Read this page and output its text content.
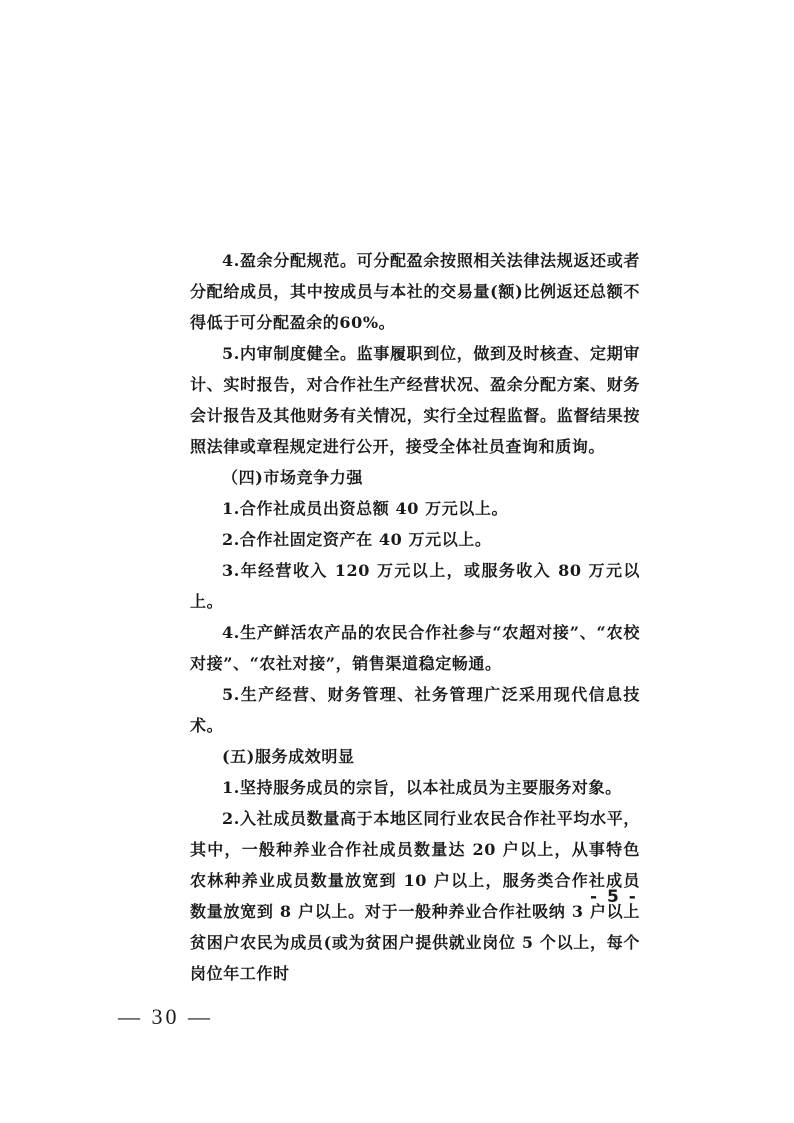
4.盈余分配规范。可分配盈余按照相关法律法规返还或者分配给成员，其中按成员与本社的交易量(额)比例返还总额不得低于可分配盈余的60%。

5.内审制度健全。监事履职到位，做到及时核查、定期审计、实时报告，对合作社生产经营状况、盈余分配方案、财务会计报告及其他财务有关情况，实行全过程监督。监督结果按照法律或章程规定进行公开，接受全体社员查询和质询。

（四)市场竞争力强

1.合作社成员出资总额 40 万元以上。

2.合作社固定资产在 40 万元以上。

3.年经营收入 120 万元以上，或服务收入 80 万元以上。

4.生产鲜活农产品的农民合作社参与“农超对接”、“农校对接”、“农社对接”，销售渠道稳定畅通。

5.生产经营、财务管理、社务管理广泛采用现代信息技术。

(五)服务成效明显

1.坚持服务成员的宗旨，以本社成员为主要服务对象。

2.入社成员数量高于本地区同行业农民合作社平均水平，其中，一般种养业合作社成员数量达 20 户以上，从事特色农林种养业成员数量放宽到 10 户以上，服务类合作社成员数量放宽到 8 户以上。对于一般种养业合作社吸纳 3 户以上贫困户农民为成员(或为贫困户提供就业岗位 5 个以上，每个岗位年工作时

- 5 -
— 30 —
